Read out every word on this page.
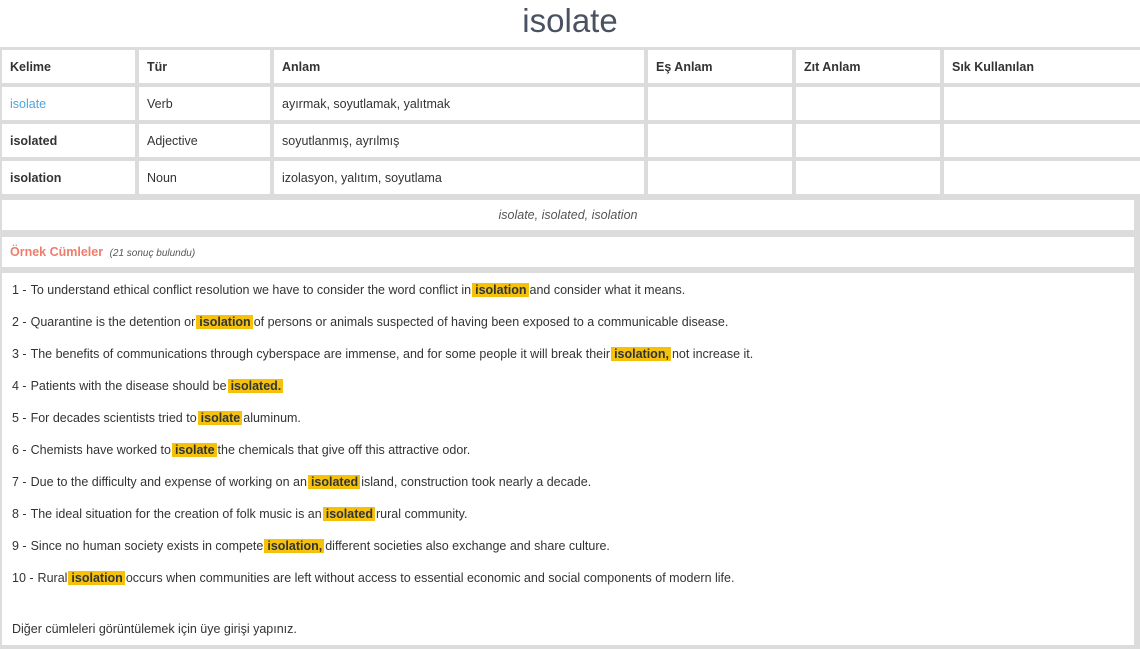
isolate
Kelime	Tür	Anlam	Eş Anlam	Zıt Anlam	Sık Kullanılan
isolate	Verb	ayırmak, soyutlamak, yalıtmak			
isolated	Adjective	soyutlanmış, ayrılmış			
isolation	Noun	izolasyon, yalıtım, soyutlama			
isolate, isolated, isolation
Örnek Cümleler (21 sonuç bulundu)
Diğer cümleleri görüntülemek için üye girişi yapınız.
1 - To understand ethical conflict resolution we have to consider the word conflict in isolation and consider what it means.
2 - Quarantine is the detention or isolation of persons or animals suspected of having been exposed to a communicable disease.
3 - The benefits of communications through cyberspace are immense, and for some people it will break their isolation, not increase it.
4 - Patients with the disease should be isolated.
5 - For decades scientists tried to isolate aluminum.
6 - Chemists have worked to isolate the chemicals that give off this attractive odor.
7 - Due to the difficulty and expense of working on an isolated island, construction took nearly a decade.
8 - The ideal situation for the creation of folk music is an isolated rural community.
9 - Since no human society exists in compete isolation, different societies also exchange and share culture.
10 - Rural isolation occurs when communities are left without access to essential economic and social components of modern life.
